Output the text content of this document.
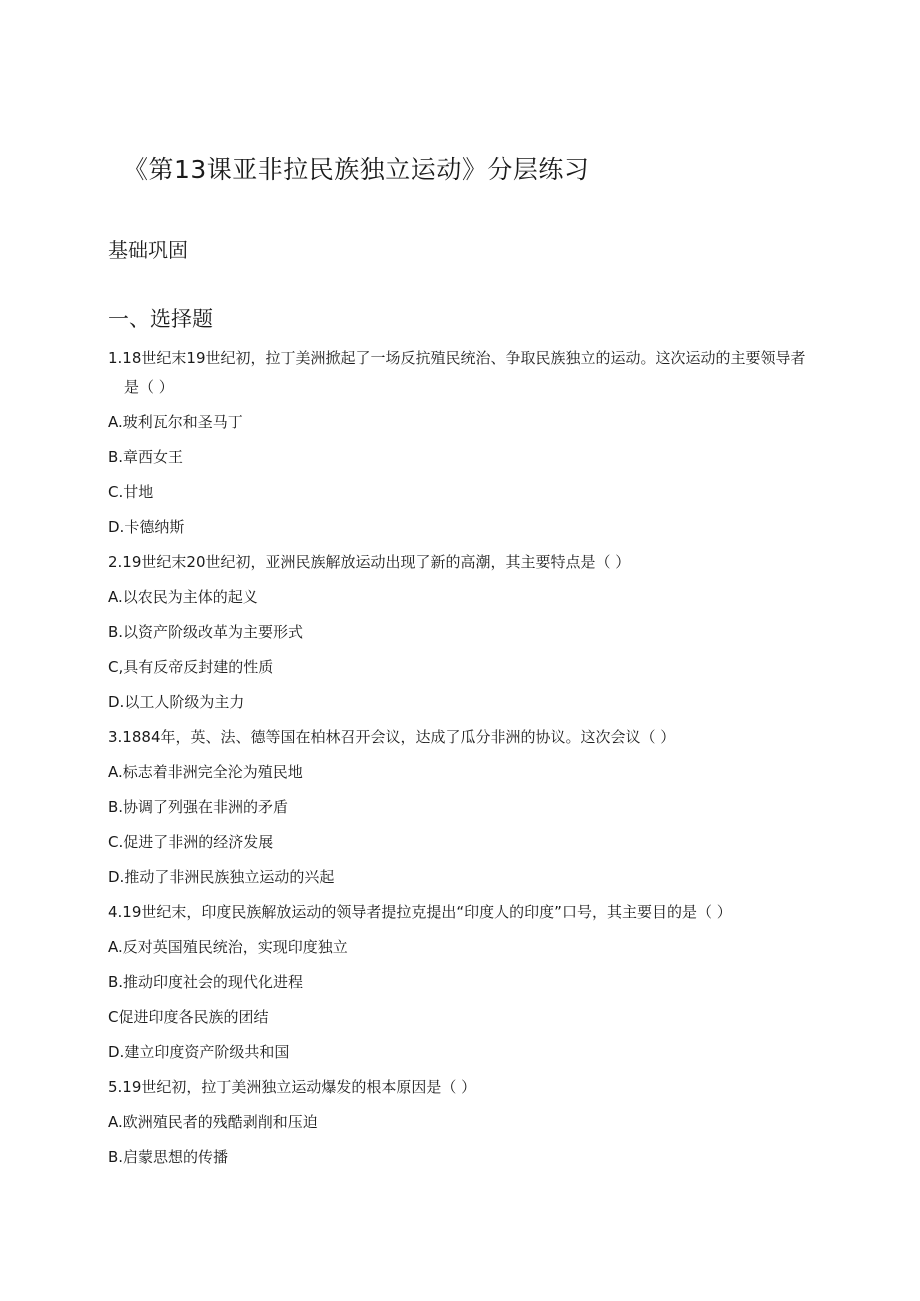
《第13课亚非拉民族独立运动》分层练习
基础巩固
一、选择题
1.18世纪末19世纪初，拉丁美洲掀起了一场反抗殖民统治、争取民族独立的运动。这次运动的主要领导者是（ ）
A.玻利瓦尔和圣马丁
B.章西女王
C.甘地
D.卡德纳斯
2.19世纪末20世纪初，亚洲民族解放运动出现了新的高潮，其主要特点是（ ）
A.以农民为主体的起义
B.以资产阶级改革为主要形式
C,具有反帝反封建的性质
D.以工人阶级为主力
3.1884年，英、法、德等国在柏林召开会议，达成了瓜分非洲的协议。这次会议（ ）
A.标志着非洲完全沦为殖民地
B.协调了列强在非洲的矛盾
C.促进了非洲的经济发展
D.推动了非洲民族独立运动的兴起
4.19世纪末，印度民族解放运动的领导者提拉克提出“印度人的印度”口号，其主要目的是（ ）
A.反对英国殖民统治，实现印度独立
B.推动印度社会的现代化进程
C促进印度各民族的团结
D.建立印度资产阶级共和国
5.19世纪初，拉丁美洲独立运动爆发的根本原因是（ ）
A.欧洲殖民者的残酷剥削和压迫
B.启蒙思想的传播
